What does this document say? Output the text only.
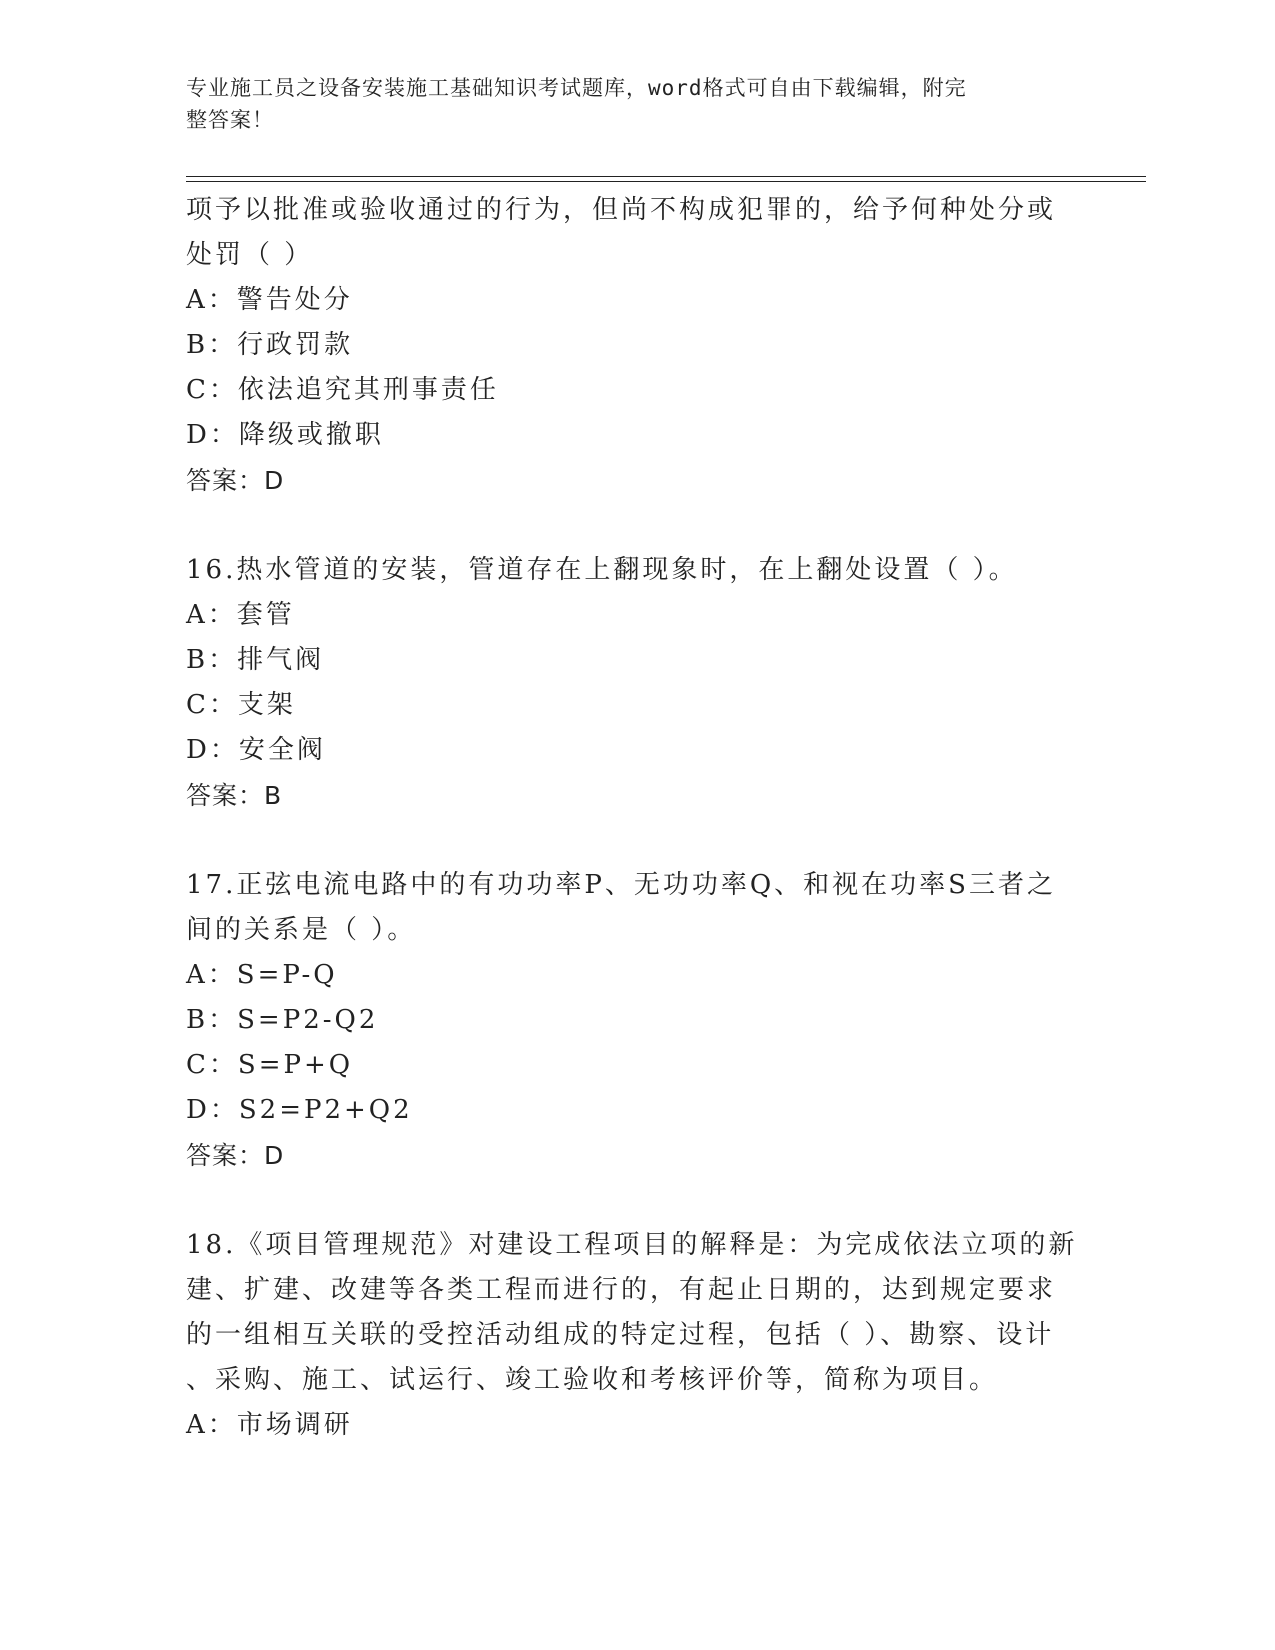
专业施工员之设备安装施工基础知识考试题库，word格式可自由下载编辑，附完
整答案！
项予以批准或验收通过的行为，但尚不构成犯罪的，给予何种处分或
处罚（ ）
A：警告处分
B：行政罚款
C：依法追究其刑事责任
D：降级或撤职
答案：D
16.热水管道的安装，管道存在上翻现象时，在上翻处设置（ ）。
A：套管
B：排气阀
C：支架
D：安全阀
答案：B
17.正弦电流电路中的有功功率P、无功功率Q、和视在功率S三者之
间的关系是（ ）。
A：S=P-Q
B：S=P2-Q2
C：S=P+Q
D：S2=P2+Q2
答案：D
18.《项目管理规范》对建设工程项目的解释是：为完成依法立项的新
建、扩建、改建等各类工程而进行的，有起止日期的，达到规定要求
的一组相互关联的受控活动组成的特定过程，包括（ ）、勘察、设计
、采购、施工、试运行、竣工验收和考核评价等，简称为项目。
A：市场调研
